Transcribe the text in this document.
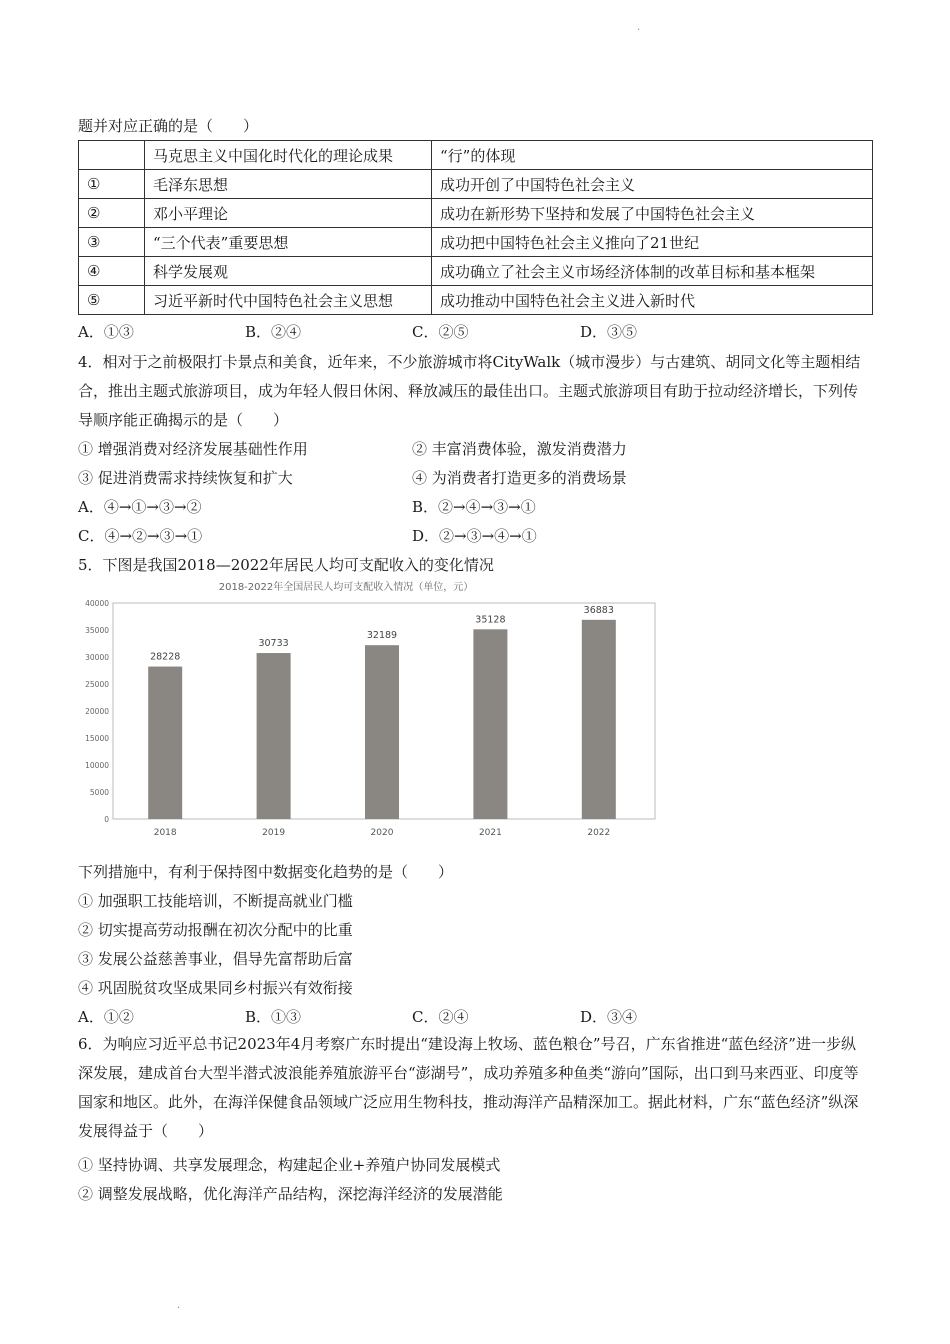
.
题并对应正确的是（　　）
	马克思主义中国化时代化的理论成果	“行”的体现
①	毛泽东思想	成功开创了中国特色社会主义
②	邓小平理论	成功在新形势下坚持和发展了中国特色社会主义
③	“三个代表”重要思想	成功把中国特色社会主义推向了21世纪
④	科学发展观	成功确立了社会主义市场经济体制的改革目标和基本框架
⑤	习近平新时代中国特色社会主义思想	成功推动中国特色社会主义进入新时代
A．①③	B．②④	C．②⑤	D．③⑤
4．相对于之前极限打卡景点和美食，近年来，不少旅游城市将CityWalk（城市漫步）与古建筑、胡同文化等主题相结合，推出主题式旅游项目，成为年轻人假日休闲、释放减压的最佳出口。主题式旅游项目有助于拉动经济增长，下列传导顺序能正确揭示的是（　　）
① 增强消费对经济发展基础性作用	② 丰富消费体验，激发消费潜力
③ 促进消费需求持续恢复和扩大	④ 为消费者打造更多的消费场景
A．④→①→③→②	B．②→④→③→①
C．④→②→③→①	D．②→③→④→①
5．下图是我国2018—2022年居民人均可支配收入的变化情况
2018-2022年全国居民人均可支配收入情况（单位，元）
0
5000
10000
15000
20000
25000
30000
35000
40000
2018	2019	2020	2021	2022
28228
30733
32189
35128
36883
下列措施中，有利于保持图中数据变化趋势的是（　　）
① 加强职工技能培训，不断提高就业门槛
② 切实提高劳动报酬在初次分配中的比重
③ 发展公益慈善事业，倡导先富帮助后富
④ 巩固脱贫攻坚成果同乡村振兴有效衔接
A．①②	B．①③	C．②④	D．③④
6．为响应习近平总书记2023年4月考察广东时提出“建设海上牧场、蓝色粮仓”号召，广东省推进“蓝色经济”进一步纵深发展，建成首台大型半潜式波浪能养殖旅游平台“澎湖号”，成功养殖多种鱼类“游向”国际，出口到马来西亚、印度等国家和地区。此外，在海洋保健食品领域广泛应用生物科技，推动海洋产品精深加工。据此材料，广东“蓝色经济”纵深发展得益于（　　）
① 坚持协调、共享发展理念，构建起企业+养殖户协同发展模式
② 调整发展战略，优化海洋产品结构，深挖海洋经济的发展潜能
.
